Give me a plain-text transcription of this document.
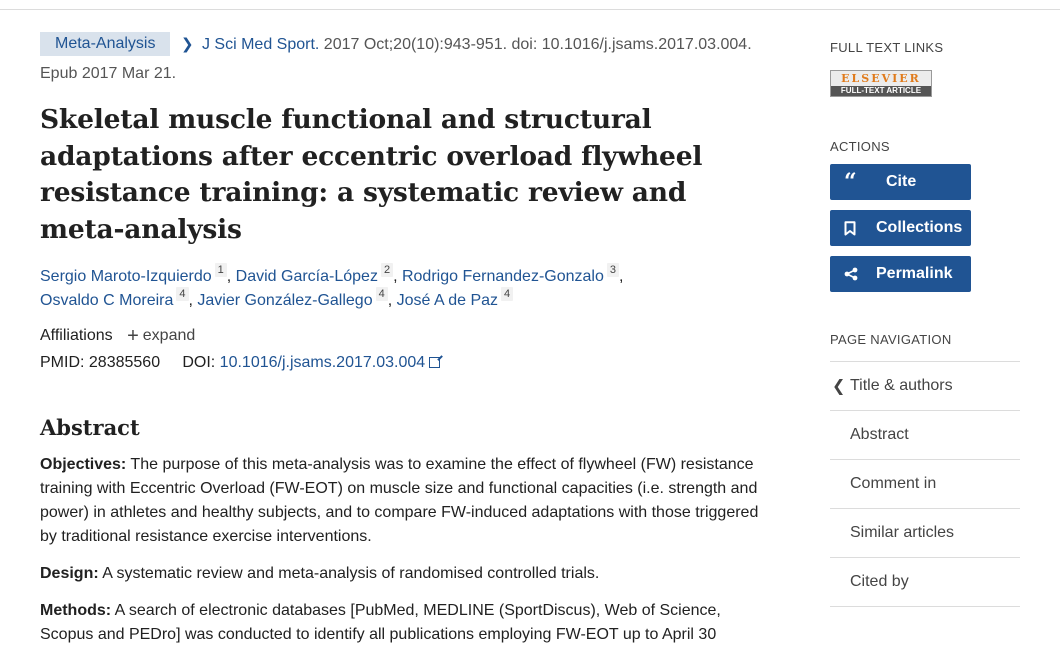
Meta-Analysis ❯ J Sci Med Sport. 2017 Oct;20(10):943-951. doi: 10.1016/j.jsams.2017.03.004.
Epub 2017 Mar 21.
Skeletal muscle functional and structural adaptations after eccentric overload flywheel resistance training: a systematic review and meta-analysis
Sergio Maroto-Izquierdo 1 , David García-López 2 , Rodrigo Fernandez-Gonzalo 3 ,
Osvaldo C Moreira 4 , Javier González-Gallego 4 , José A de Paz 4
Affiliations + expand
PMID: 28385560 DOI: 10.1016/j.jsams.2017.03.004
Abstract

Objectives: The purpose of this meta-analysis was to examine the effect of flywheel (FW) resistance training with Eccentric Overload (FW-EOT) on muscle size and functional capacities (i.e. strength and power) in athletes and healthy subjects, and to compare FW-induced adaptations with those triggered by traditional resistance exercise interventions.

Design: A systematic review and meta-analysis of randomised controlled trials.

Methods: A search of electronic databases [PubMed, MEDLINE (SportDiscus), Web of Science, Scopus and PEDro] was conducted to identify all publications employing FW-EOT up to April 30

FULL TEXT LINKS
ELSEVIER
FULL-TEXT ARTICLE
ACTIONS
“	Cite
Collections
Permalink
PAGE NAVIGATION
❮ Title & authors
Abstract
Comment in
Similar articles
Cited by
